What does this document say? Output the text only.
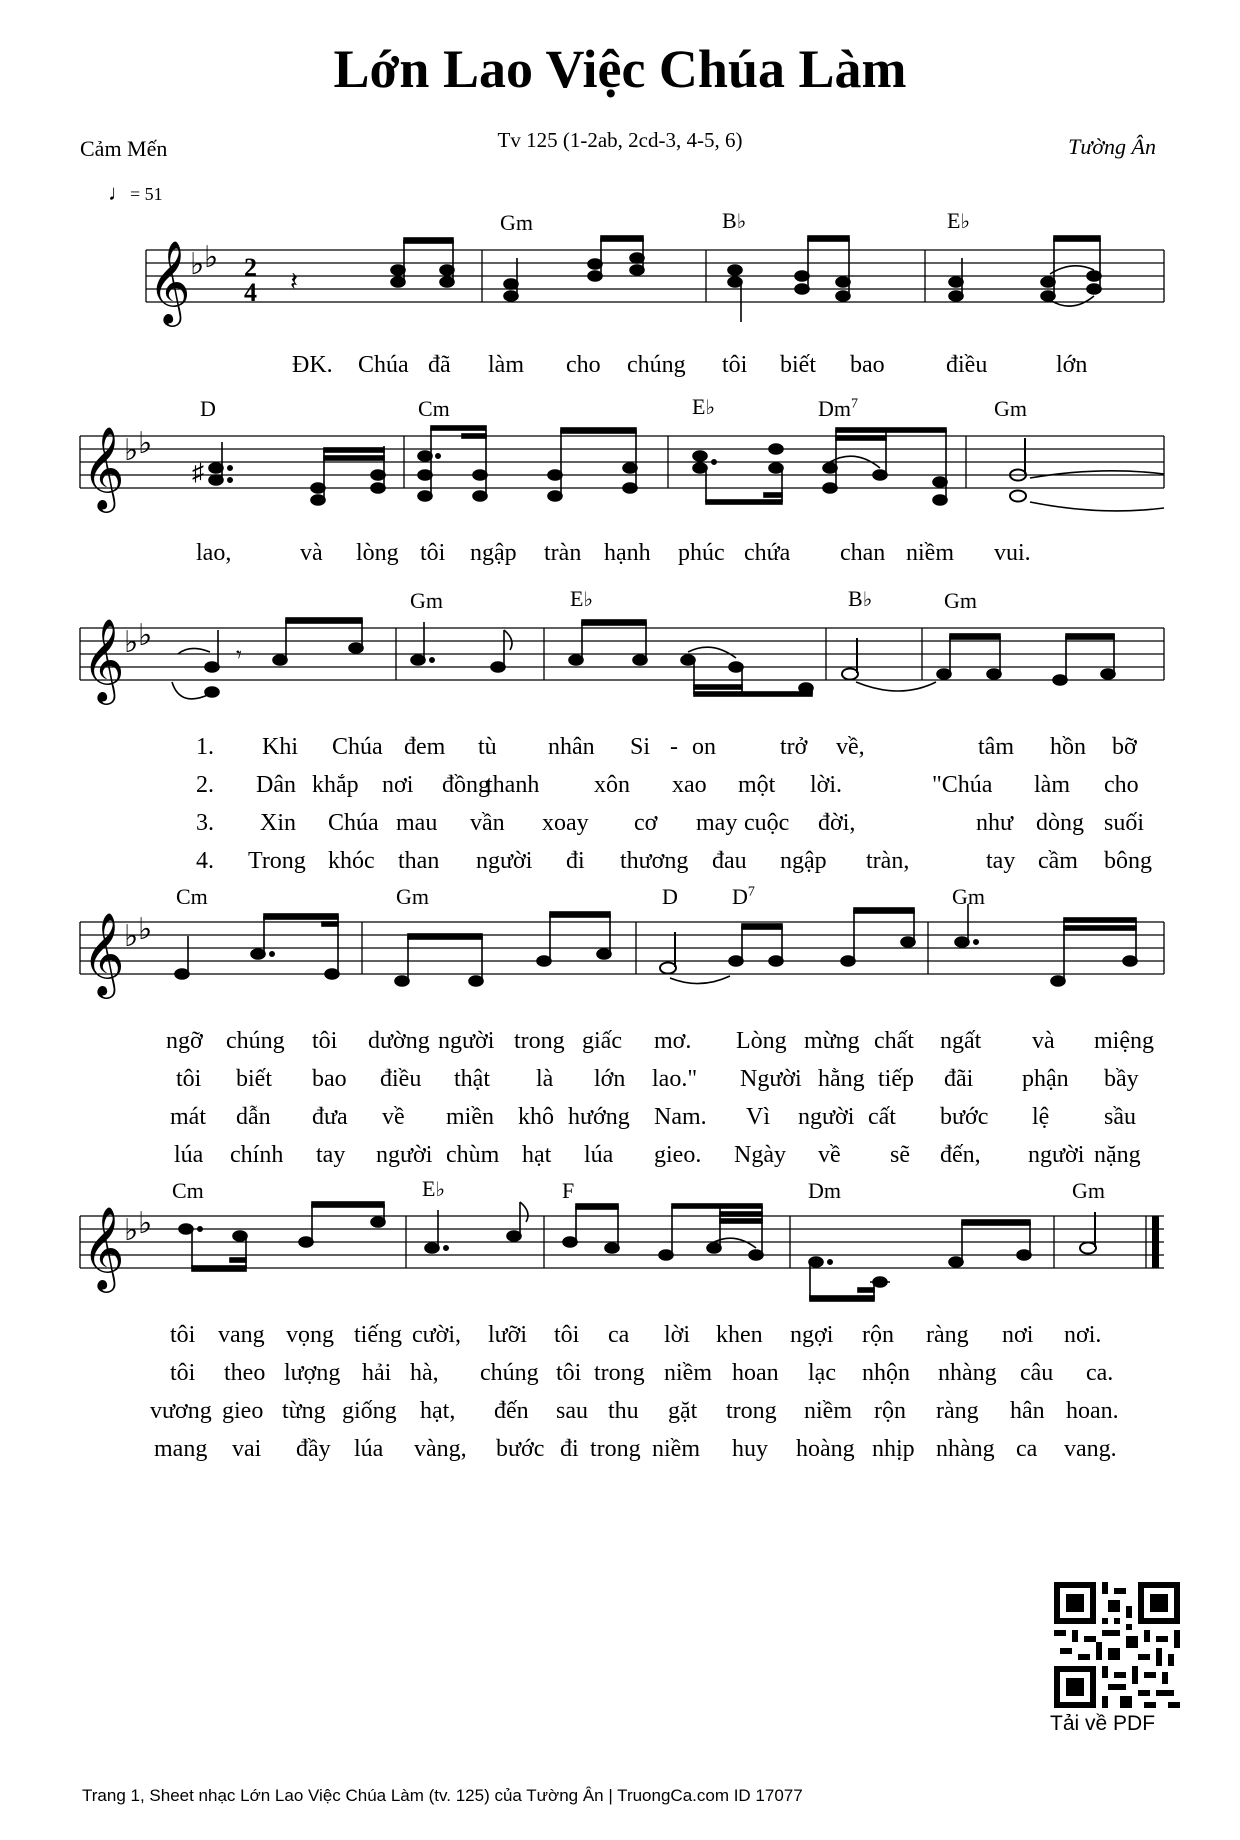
Lớn Lao Việc Chúa Làm
Tv 125 (1-2ab, 2cd-3, 4-5, 6)
Cảm Mến	Tường Ân
♩= 51
Gm	B♭	E♭
𝄞 ♭ ♭ 2
4 𝄽
ĐK. Chúa đã làm cho chúng tôi biết bao	điều	lớn
D	Cm	E♭	Dm$^7$	Gm
𝄞 ♭ ♭
♯
lao,	và lòng tôi ngập tràn hạnh phúc chứa chan niềm vui.
Gm	E♭	B♭	Gm
𝄞 ♭ ♭
𝄾
1. Khi Chúa đem tù nhân Si - on	trở về,	tâm hồn bỡ
2. Dân khắp nơi đồng
thanh xôn xao một lời.	"Chúa làm cho
3. Xin Chúa mau vần xoay cơ may cuộc đời,	như dòng suối
4. Trong khóc than người đi thương đau ngập tràn,	tay cầm bông
Cm	Gm	D $D^7$	Gm
𝄞 ♭ ♭
ngỡ chúng tôi dường người trong giấc mơ. Lòng mừng chất ngất và miệng
tôi biết bao điều thật là lớn lao." Người hằng tiếp đãi phận bầy
mát dẫn đưa về miền khô hướng Nam. Vì người cất bước lệ sầu
lúa chính tay người chùm hạt lúa gieo. Ngày về sẽ đến, người nặng
Cm	E♭	F	Dm	Gm
𝄞 ♭ ♭
tôi vang vọng tiếng cười, lưỡi tôi ca lời khen ngợi rộn ràng nơi nơi.
tôi theo lượng hải hà, chúng tôi trong niềm hoan lạc nhộn nhàng câu ca.
vương gieo từng giống hạt, đến sau thu gặt trong niềm rộn ràng hân hoan.
mang vai đầy lúa vàng, bước đi trong niềm huy hoàng nhịp nhàng ca vang.
Tải về PDF
Trang 1, Sheet nhạc Lớn Lao Việc Chúa Làm (tv. 125) của Tường Ân | TruongCa.com ID 17077
